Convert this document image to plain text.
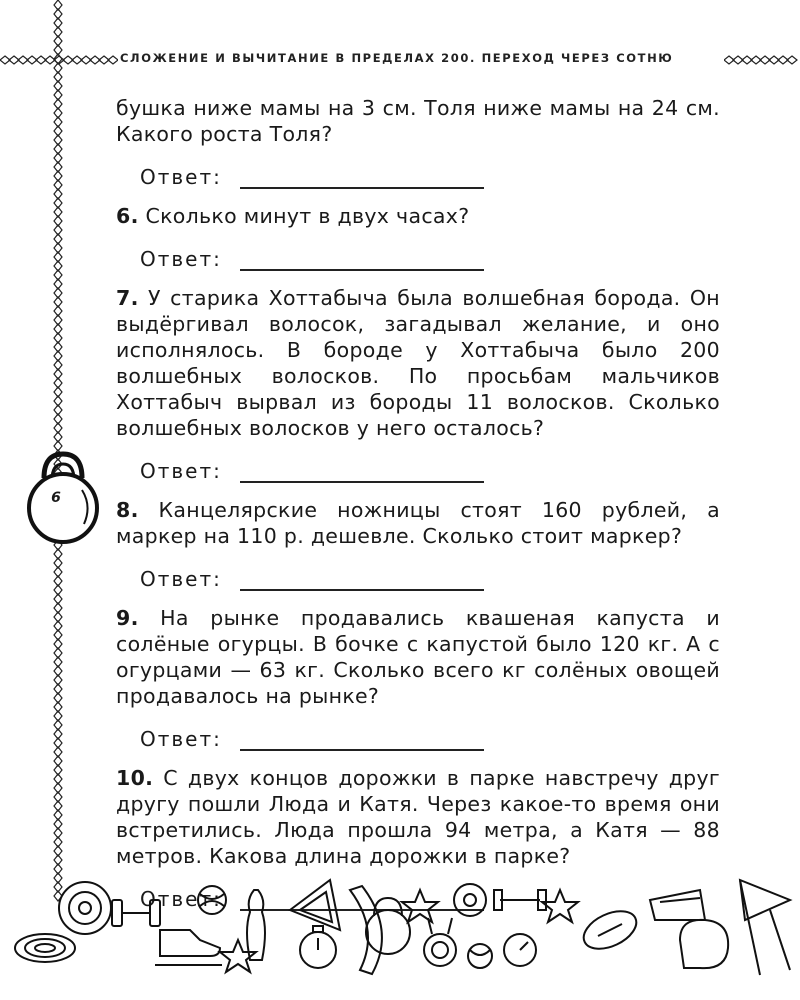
СЛОЖЕНИЕ И ВЫЧИТАНИЕ В ПРЕДЕЛАХ 200. ПЕРЕХОД ЧЕРЕЗ СОТНЮ
6

бушка ниже мамы на 3 см. Толя ниже мамы на 24 см. Какого роста Толя?

Ответ:

6. Сколько минут в двух часах?

Ответ:

7. У старика Хоттабыча была волшебная борода. Он выдёргивал волосок, загадывал желание, и оно исполнялось. В бороде у Хоттабыча было 200 волшебных волосков. По просьбам мальчиков Хоттабыч вырвал из бороды 11 волосков. Сколько волшебных волосков у него осталось?

Ответ:

8. Канцелярские ножницы стоят 160 рублей, а маркер на 110 р. дешевле. Сколько стоит маркер?

Ответ:

9. На рынке продавались квашеная капуста и солёные огурцы. В бочке с капустой было 120 кг. А с огурцами — 63 кг. Сколько всего кг солёных овощей продавалось на рынке?

Ответ:

10. С двух концов дорожки в парке навстречу друг другу пошли Люда и Катя. Через какое-то время они встретились. Люда прошла 94 метра, а Катя — 88 метров. Какова длина дорожки в парке?

Ответ:
